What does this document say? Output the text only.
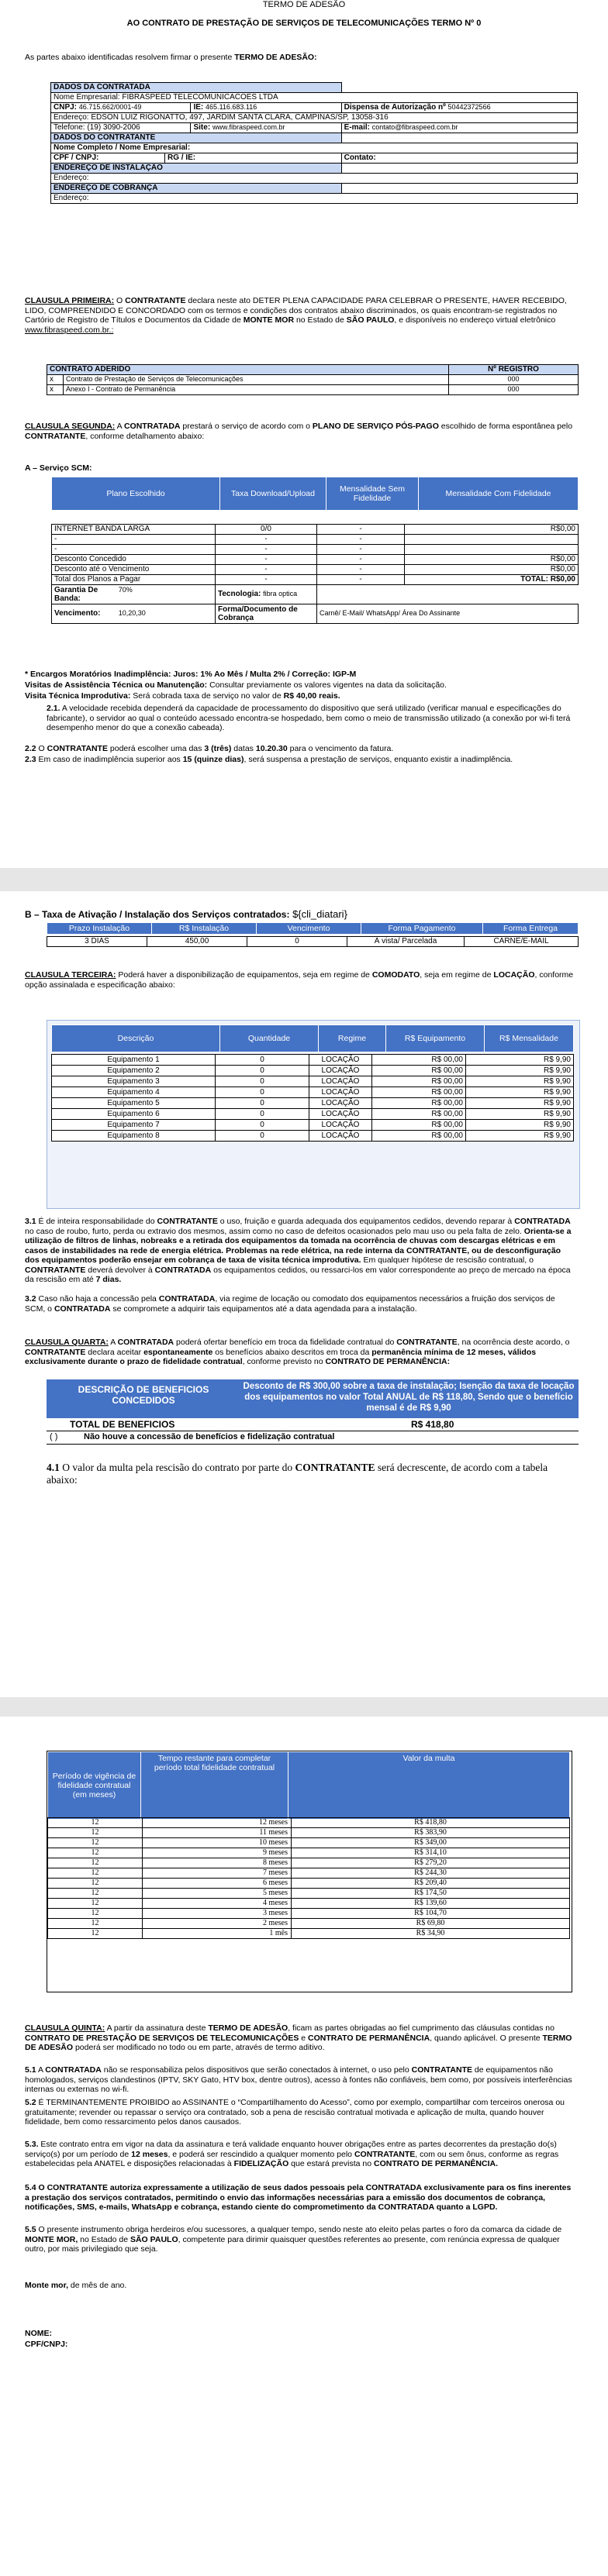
TERMO DE ADESÃO
AO CONTRATO DE PRESTAÇÃO DE SERVIÇOS DE TELECOMUNICAÇÕES TERMO Nº 0
As partes abaixo identificadas resolvem firmar o presente TERMO DE ADESÃO:
DADOS DA CONTRATADA			
Nome Empresarial: FIBRASPEED TELECOMUNICACOES LTDA			
CNPJ: 46.715.662/0001-49		IE: 465.116.683.116	Dispensa de Autorização nº 50442372566
Endereço: EDSON LUIZ RIGONATTO, 497, JARDIM SANTA CLARA, CAMPINAS/SP, 13058-316			
Telefone: (19) 3090-2006		Site: www.fibraspeed.com.br	E-mail: contato@fibraspeed.com.br
DADOS DO CONTRATANTE			
Nome Completo / Nome Empresarial:			
CPF / CNPJ:	RG / IE:		Contato:
ENDEREÇO DE INSTALAÇÃO			
Endereço:			
ENDEREÇO DE COBRANÇA			
Endereço:			
CLAUSULA PRIMEIRA: O CONTRATANTE declara neste ato DETER PLENA CAPACIDADE PARA CELEBRAR O PRESENTE, HAVER RECEBIDO, LIDO, COMPREENDIDO E CONCORDADO com os termos e condições dos contratos abaixo discriminados, os quais encontram-se registrados no Cartório de Registro de Títulos e Documentos da Cidade de MONTE MOR no Estado de SÃO PAULO, e disponíveis no endereço virtual eletrônico www.fibraspeed.com.br.:
CONTRATO ADERIDO		Nº REGISTRO
x	Contrato de Prestação de Serviços de Telecomunicações	000
x	Anexo I - Contrato de Permanência	000
CLAUSULA SEGUNDA: A CONTRATADA prestará o serviço de acordo com o PLANO DE SERVIÇO PÓS-PAGO escolhido de forma espontânea pelo CONTRATANTE, conforme detalhamento abaixo:
A – Serviço SCM:
Plano Escolhido	Taxa Download/Upload	Mensalidade Sem Fidelidade	Mensalidade Com Fidelidade
INTERNET BANDA LARGA	0/0	-	R$0,00
-	-	-	
-	-	-	
Desconto Concedido	-	-	R$0,00
Desconto até o Vencimento	-	-	R$0,00
Total dos Planos a Pagar	-	-	TOTAL: R$0,00
Garantia De Banda: 70%	Tecnologia: fibra optica		
Vencimento: 10,20,30	Forma/Documento de Cobrança	Carnê/ E-Mail/ WhatsApp/ Área Do Assinante	
* Encargos Moratórios Inadimplência: Juros: 1% Ao Mês / Multa 2% / Correção: IGP-M
Visitas de Assistência Técnica ou Manutenção: Consultar previamente os valores vigentes na data da solicitação.
Visita Técnica Improdutiva: Será cobrada taxa de serviço no valor de R$ 40,00 reais.
2.1. A velocidade recebida dependerá da capacidade de processamento do dispositivo que será utilizado (verificar manual e especificações do fabricante), o servidor ao qual o conteúdo acessado encontra-se hospedado, bem como o meio de transmissão utilizado (a conexão por wi-fi terá desempenho menor do que a conexão cabeada).
2.2 O CONTRATANTE poderá escolher uma das 3 (três) datas 10.20.30 para o vencimento da fatura.
2.3 Em caso de inadimplência superior aos 15 (quinze dias), será suspensa a prestação de serviços, enquanto existir a inadimplência.
B – Taxa de Ativação / Instalação dos Serviços contratados: ${cli_diatari}
Prazo Instalação	R$ Instalação	Vencimento	Forma Pagamento	Forma Entrega
3 DIAS	450,00	0	À vista/ Parcelada	CARNÊ/E-MAIL
CLAUSULA TERCEIRA: Poderá haver a disponibilização de equipamentos, seja em regime de COMODATO, seja em regime de LOCAÇÃO, conforme opção assinalada e especificação abaixo:
Descrição	Quantidade	Regime	R$ Equipamento	R$ Mensalidade
Equipamento 1	0	LOCAÇÃO	R$ 00,00	R$ 9,90
Equipamento 2	0	LOCAÇÃO	R$ 00,00	R$ 9,90
Equipamento 3	0	LOCAÇÃO	R$ 00,00	R$ 9,90
Equipamento 4	0	LOCAÇÃO	R$ 00,00	R$ 9,90
Equipamento 5	0	LOCAÇÃO	R$ 00,00	R$ 9,90
Equipamento 6	0	LOCAÇÃO	R$ 00,00	R$ 9,90
Equipamento 7	0	LOCAÇÃO	R$ 00,00	R$ 9,90
Equipamento 8	0	LOCAÇÃO	R$ 00,00	R$ 9,90
3.1 É de inteira responsabilidade do CONTRATANTE o uso, fruição e guarda adequada dos equipamentos cedidos, devendo reparar à CONTRATADA no caso de roubo, furto, perda ou extravio dos mesmos, assim como no caso de defeitos ocasionados pelo mau uso ou pela falta de zelo. Orienta-se a utilização de filtros de linhas, nobreaks e a retirada dos equipamentos da tomada na ocorrência de chuvas com descargas elétricas e em casos de instabilidades na rede de energia elétrica. Problemas na rede elétrica, na rede interna da CONTRATANTE, ou de desconfiguração dos equipamentos poderão ensejar em cobrança de taxa de visita técnica improdutiva. Em qualquer hipótese de rescisão contratual, o CONTRATANTE deverá devolver à CONTRATADA os equipamentos cedidos, ou ressarci-los em valor correspondente ao preço de mercado na época da rescisão em até 7 dias.
3.2 Caso não haja a concessão pela CONTRATADA, via regime de locação ou comodato dos equipamentos necessários a fruição dos serviços de SCM, o CONTRATADA se compromete a adquirir tais equipamentos até a data agendada para a instalação.
CLAUSULA QUARTA: A CONTRATADA poderá ofertar benefício em troca da fidelidade contratual do CONTRATANTE, na ocorrência deste acordo, o CONTRATANTE declara aceitar espontaneamente os benefícios abaixo descritos em troca da permanência mínima de 12 meses, válidos exclusivamente durante o prazo de fidelidade contratual, conforme previsto no CONTRATO DE PERMANÊNCIA:
DESCRIÇÃO DE BENEFICIOS CONCEDIDOS
Desconto de R$ 300,00 sobre a taxa de instalação; Isenção da taxa de locação dos equipamentos no valor Total ANUAL de R$ 118,80, Sendo que o benefício mensal é de R$ 9,90
TOTAL DE BENEFICIOS	R$ 418,80
( )	Não houve a concessão de benefícios e fidelização contratual
4.1 O valor da multa pela rescisão do contrato por parte do CONTRATANTE será decrescente, de acordo com a tabela abaixo:
Período de vigência de fidelidade contratual (em meses)	Tempo restante para completar período total fidelidade contratual	Valor da multa
12	12 meses	R$ 418,80
12	11 meses	R$ 383,90
12	10 meses	R$ 349,00
12	9 meses	R$ 314,10
12	8 meses	R$ 279,20
12	7 meses	R$ 244,30
12	6 meses	R$ 209,40
12	5 meses	R$ 174,50
12	4 meses	R$ 139,60
12	3 meses	R$ 104,70
12	2 meses	R$ 69,80
12	1 mês	R$ 34,90
CLAUSULA QUINTA: A partir da assinatura deste TERMO DE ADESÃO, ficam as partes obrigadas ao fiel cumprimento das cláusulas contidas no CONTRATO DE PRESTAÇÃO DE SERVIÇOS DE TELECOMUNICAÇÕES e CONTRATO DE PERMANÊNCIA, quando aplicável. O presente TERMO DE ADESÃO poderá ser modificado no todo ou em parte, através de termo aditivo.
5.1 A CONTRATADA não se responsabiliza pelos dispositivos que serão conectados à internet, o uso pelo CONTRATANTE de equipamentos não homologados, serviços clandestinos (IPTV, SKY Gato, HTV box, dentre outros), acesso à fontes não confiáveis, bem como, por possíveis interferências internas ou externas no wi-fi.
5.2 É TERMINANTEMENTE PROIBIDO ao ASSINANTE o “Compartilhamento do Acesso”, como por exemplo, compartilhar com terceiros onerosa ou gratuitamente; revender ou repassar o serviço ora contratado, sob a pena de rescisão contratual motivada e aplicação de multa, quando houver fidelidade, bem como ressarcimento pelos danos causados.
5.3. Este contrato entra em vigor na data da assinatura e terá validade enquanto houver obrigações entre as partes decorrentes da prestação do(s) serviço(s) por um período de 12 meses, e poderá ser rescindido a qualquer momento pelo CONTRATANTE, com ou sem ônus, conforme as regras estabelecidas pela ANATEL e disposições relacionadas à FIDELIZAÇÃO que estará prevista no CONTRATO DE PERMANÊNCIA.
5.4 O CONTRATANTE autoriza expressamente a utilização de seus dados pessoais pela CONTRATADA exclusivamente para os fins inerentes a prestação dos serviços contratados, permitindo o envio das informações necessárias para a emissão dos documentos de cobrança, notificações, SMS, e-mails, WhatsApp e cobrança, estando ciente do comprometimento da CONTRATADA quanto a LGPD.
5.5 O presente instrumento obriga herdeiros e/ou sucessores, a qualquer tempo, sendo neste ato eleito pelas partes o foro da comarca da cidade de MONTE MOR, no Estado de SÃO PAULO, competente para dirimir quaisquer questões referentes ao presente, com renúncia expressa de qualquer outro, por mais privilegiado que seja.
Monte mor, de mês de ano.
NOME:
CPF/CNPJ:
